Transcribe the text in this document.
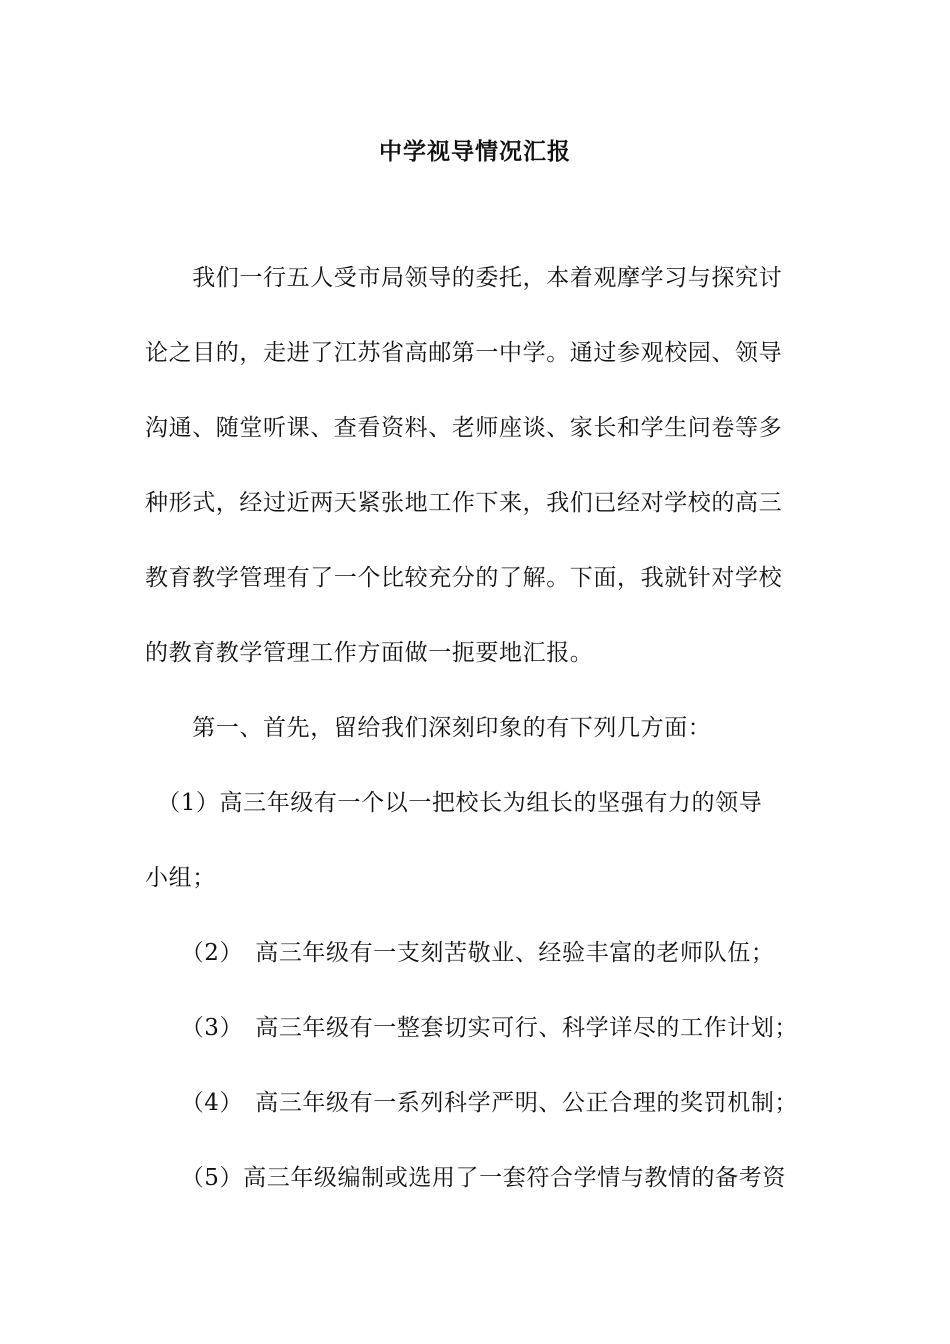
中学视导情况汇报
　　我们一行五人受市局领导的委托，本着观摩学习与探究讨
论之目的，走进了江苏省高邮第一中学。通过参观校园、领导
沟通、随堂听课、查看资料、老师座谈、家长和学生问卷等多
种形式，经过近两天紧张地工作下来，我们已经对学校的高三
教育教学管理有了一个比较充分的了解。下面，我就针对学校
的教育教学管理工作方面做一扼要地汇报。
　　第一、首先，留给我们深刻印象的有下列几方面：
　（1）高三年级有一个以一把校长为组长的坚强有力的领导
小组；
　　（2）　高三年级有一支刻苦敬业、经验丰富的老师队伍；
　　（3）　高三年级有一整套切实可行、科学详尽的工作计划；
　　（4）　高三年级有一系列科学严明、公正合理的奖罚机制；
　　（5）高三年级编制或选用了一套符合学情与教情的备考资
